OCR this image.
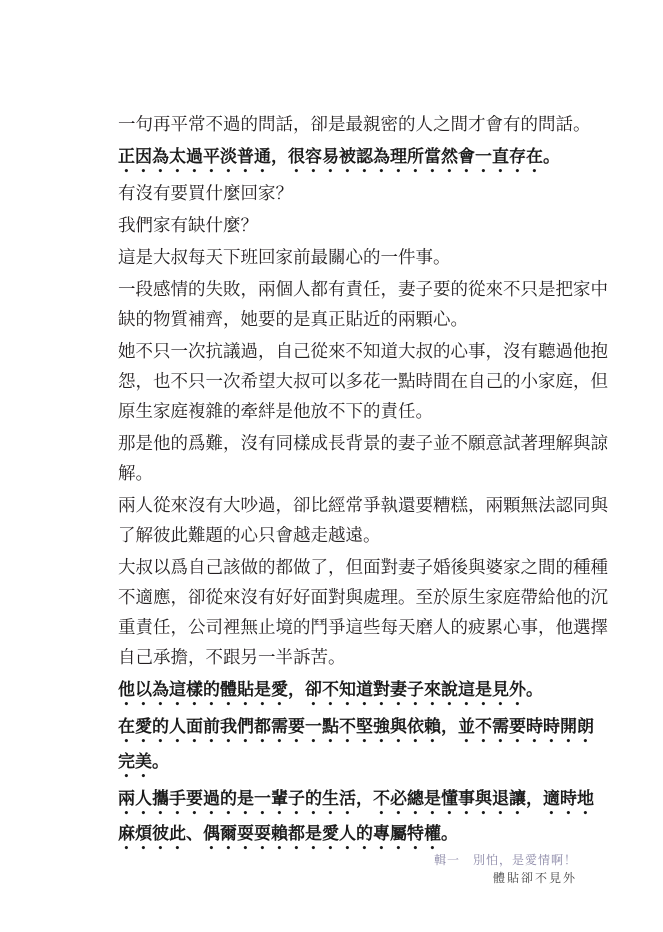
一句再平常不過的問話，卻是最親密的人之間才會有的問話。

正因為太過平淡普通，很容易被認為理所當然會一直存在。

有沒有要買什麼回家？

我們家有缺什麼？

這是大叔每天下班回家前最關心的一件事。

一段感情的失敗，兩個人都有責任，妻子要的從來不只是把家中
缺的物質補齊，她要的是真正貼近的兩顆心。

她不只一次抗議過，自己從來不知道大叔的心事，沒有聽過他抱
怨，也不只一次希望大叔可以多花一點時間在自己的小家庭，但
原生家庭複雜的牽絆是他放不下的責任。

那是他的爲難，沒有同樣成長背景的妻子並不願意試著理解與諒
解。

兩人從來沒有大吵過，卻比經常爭執還要糟糕，兩顆無法認同與
了解彼此難題的心只會越走越遠。

大叔以爲自己該做的都做了，但面對妻子婚後與婆家之間的種種
不適應，卻從來沒有好好面對與處理。至於原生家庭帶給他的沉
重責任，公司裡無止境的鬥爭這些每天磨人的疲累心事，他選擇
自己承擔，不跟另一半訴苦。

他以為這樣的體貼是愛，卻不知道對妻子來說這是見外。

在愛的人面前我們都需要一點不堅強與依賴，並不需要時時開朗
完美。

兩人攜手要過的是一輩子的生活，不必總是懂事與退讓，適時地
麻煩彼此、偶爾耍耍賴都是愛人的專屬特權。

輯一　別怕，是愛情啊！
體貼卻不見外
